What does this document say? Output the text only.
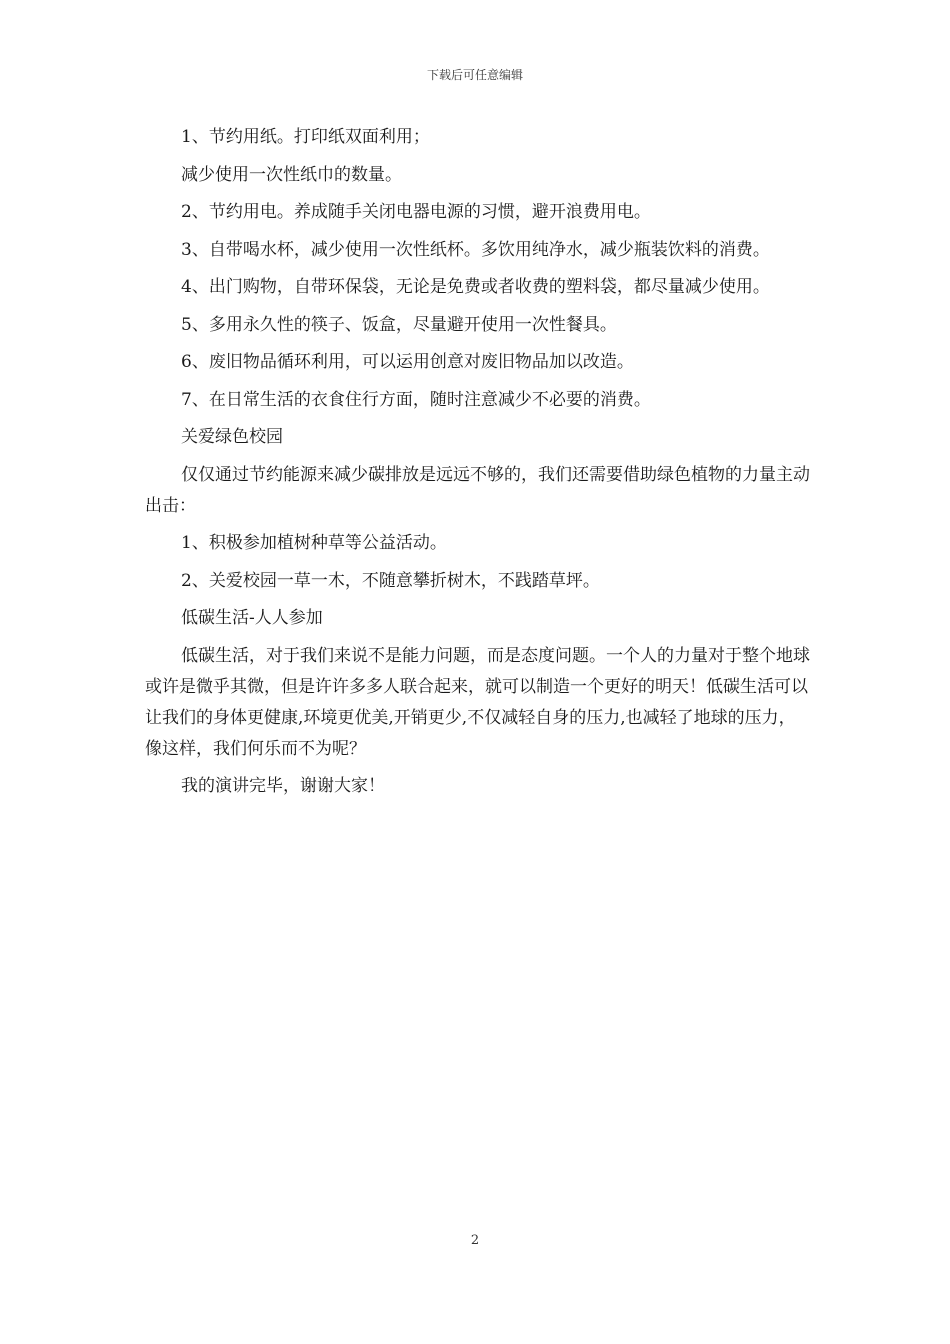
下载后可任意编辑

1、节约用纸。打印纸双面利用；

减少使用一次性纸巾的数量。

2、节约用电。养成随手关闭电器电源的习惯，避开浪费用电。

3、自带喝水杯，减少使用一次性纸杯。多饮用纯净水，减少瓶装饮料的消费。

4、出门购物，自带环保袋，无论是免费或者收费的塑料袋，都尽量减少使用。

5、多用永久性的筷子、饭盒，尽量避开使用一次性餐具。

6、废旧物品循环利用，可以运用创意对废旧物品加以改造。

7、在日常生活的衣食住行方面，随时注意减少不必要的消费。

关爱绿色校园

仅仅通过节约能源来减少碳排放是远远不够的，我们还需要借助绿色植物的力量主动出击：

1、积极参加植树种草等公益活动。

2、关爱校园一草一木，不随意攀折树木，不践踏草坪。

低碳生活-人人参加

低碳生活，对于我们来说不是能力问题，而是态度问题。一个人的力量对于整个地球或许是微乎其微，但是许许多多人联合起来，就可以制造一个更好的明天！低碳生活可以让我们的身体更健康,环境更优美,开销更少,不仅减轻自身的压力,也减轻了地球的压力，像这样，我们何乐而不为呢？

我的演讲完毕，谢谢大家！

2
